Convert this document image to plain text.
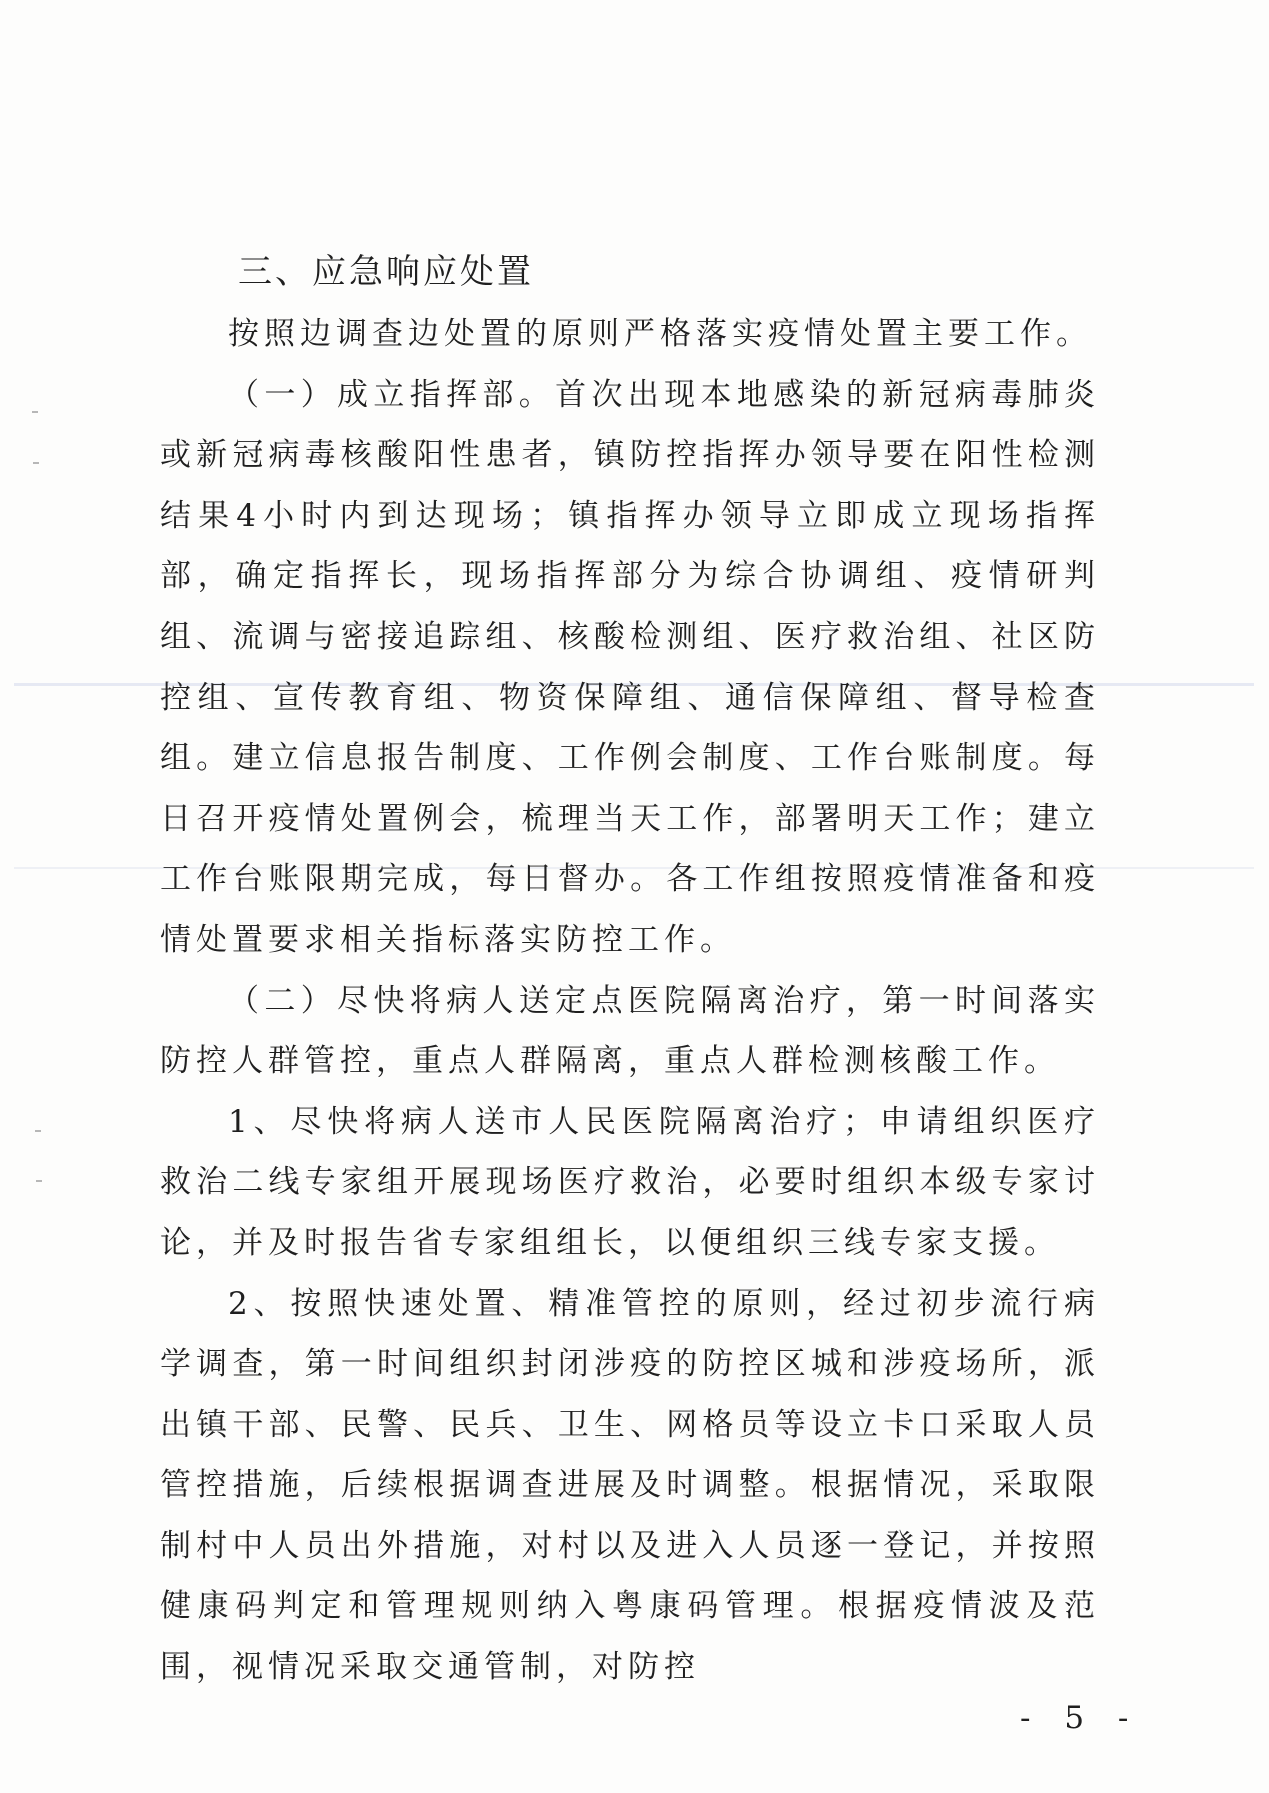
三、应急响应处置

按照边调查边处置的原则严格落实疫情处置主要工作。

（一）成立指挥部。首次出现本地感染的新冠病毒肺炎或新冠病毒核酸阳性患者，镇防控指挥办领导要在阳性检测结果4小时内到达现场；镇指挥办领导立即成立现场指挥部，确定指挥长，现场指挥部分为综合协调组、疫情研判组、流调与密接追踪组、核酸检测组、医疗救治组、社区防控组、宣传教育组、物资保障组、通信保障组、督导检查组。建立信息报告制度、工作例会制度、工作台账制度。每日召开疫情处置例会，梳理当天工作，部署明天工作；建立工作台账限期完成，每日督办。各工作组按照疫情准备和疫情处置要求相关指标落实防控工作。

（二）尽快将病人送定点医院隔离治疗，第一时间落实防控人群管控，重点人群隔离，重点人群检测核酸工作。

1、尽快将病人送市人民医院隔离治疗；申请组织医疗救治二线专家组开展现场医疗救治，必要时组织本级专家讨论，并及时报告省专家组组长，以便组织三线专家支援。

2、按照快速处置、精准管控的原则，经过初步流行病学调查，第一时间组织封闭涉疫的防控区城和涉疫场所，派出镇干部、民警、民兵、卫生、网格员等设立卡口采取人员管控措施，后续根据调查进展及时调整。根据情况，采取限制村中人员出外措施，对村以及进入人员逐一登记，并按照健康码判定和管理规则纳入粤康码管理。根据疫情波及范围，视情况采取交通管制，对防控

- 5 -
